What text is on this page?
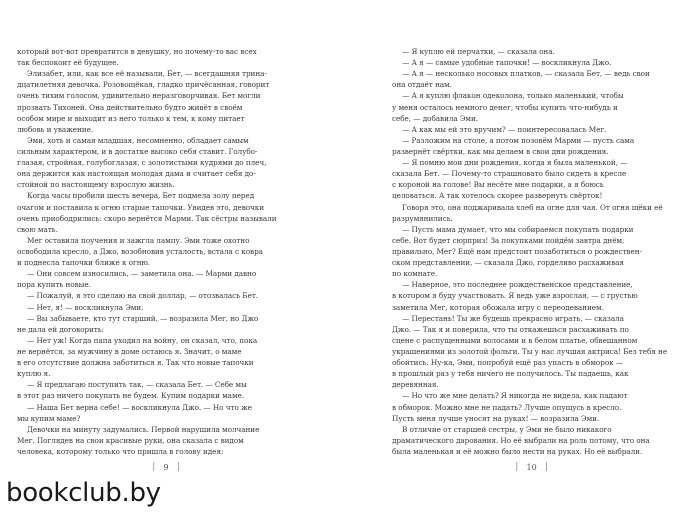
который вот-вот превратится в девушку, но почему-то вас всех
так беспокоит её будущее.
Элизабет, или, как все её называли, Бет, — всегдашняя трина-
дцатилетняя девочка. Розовощёкая, гладко причёсанная, говорит
очень тихим голосом, удивительно неразговорчивая. Бет могли
прозвать Тихоней. Она действительно будто живёт в своём
особом мире и выходит из него только к тем, к кому питает
любовь и уважение.
Эми, хоть и самая младшая, несомненно, обладает самым
сильным характером, и в достатке высоко себя ставит. Голубо-
глазая, стройная, голубоглазая, с золотистыми кудрями до плеч,
она держится как настоящая молодая дама и считает себя до-
стойной по настоящему взрослую жизнь.
Когда часы пробили шесть вечера, Бет подмела золу перед
очагом и поставила к огню старые тапочки. Увидев это, девочки
очень приободрились: скоро вернётся Марми. Так сёстры называли
свою мать.
Мег оставила поучения и зажгла лампу. Эми тоже охотно
освободила кресло, а Джо, возобновив усталость, встала с ковра
и поднесла тапочки ближе к огню.
— Они совсем износились, — заметила она. — Марми давно
пора купить новые.
— Пожалуй, я это сделаю на свой доллар, — отозвалась Бет.
— Нет, я! — воскликнула Эми.
— Вы забываете, кто тут старший, — возразила Мег, но Джо
не дала ей договорить:
— Нет уж! Когда папа уходил на войну, он сказал, что, пока
не вернётся, за мужчину в доме остаюсь я. Значит, о маме
в его отсутствие должна заботиться я. Так что новые тапочки
куплю я.
— Я предлагаю поступить так, — сказала Бет. — Себе мы
в этот раз ничего покупать не будем. Купим подарки маме.
— Наша Бет верна себе! — воскликнула Джо. — Но что же
мы купим маме?
Девочки на минуту задумались. Первой нарушила молчание
Мег. Поглядев на свои красивые руки, она сказала с видом
человека, которому только что пришла в голову идея:
— Я куплю ей перчатки, — сказала она.
— А я — самые удобные тапочки! — воскликнула Джо.
— А я — несколько носовых платков, — сказала Бет, — ведь свои
она отдаёт нам.
— А я куплю флакон одеколона, только маленький, чтобы
у меня осталось немного денег, чтобы купить что-нибудь и
себе, — добавила Эми.
— А как мы ей это вручим? — поинтересовалась Мег.
— Разложим на столе, а потом позовём Марми — пусть сама
развернёт свёртки, как мы делаем в свои дни рождения.
— Я помню мои дни рождения, когда я была маленькой, —
сказала Бет. — Почему-то страшновато было сидеть в кресле
с короной на голове! Вы несёте мне подарки, а я боюсь
целоваться. А так хотелось скорее развернуть свёрток!
Говоря это, она поджаривала хлеб на огне для чая. От огня щёки её
разрумянились.
— Пусть мама думает, что мы собираемся покупать подарки
себе. Вот будет сюрприз! За покупками пойдём завтра днём,
правильно, Мег? Ещё нам предстоит позаботиться о рождествен-
ском представлении, — сказала Джо, горделиво расхаживая
по комнате.
— Наверное, это последнее рождественское представление,
в котором я буду участвовать. Я ведь уже взрослая, — с грустью
заметила Мег, которая обожала игру с переодеванием.
— Перестань! Ты же будешь прекрасно играть, — сказала
Джо. — Так я и поверила, что ты откажешься расхаживать по
сцене с распущенными волосами и в белом платье, обвешанном
украшениями из золотой фольги. Ты у нас лучшая актриса! Без тебя не
обойтись. Ну-ка, Эми, попробуй ещё раз упасть в обморок —
в прошлый раз у тебя ничего не получилось. Ты падаешь, как
деревянная.
— Но что же мне делать? Я никогда не видела, как падают
в обморок. Можно мне не падать? Лучше опущусь в кресло.
Пусть меня лучше уносят на руках! — возразила Эми.
В отличие от старшей сестры, у Эми не было никакого
драматического дарования. Но её выбрали на роль потому, что она
была маленькая и её можно было нести на руках. Но её выбрали.
❘ 9 ❘	❘ 10 ❘
bookclub.by
